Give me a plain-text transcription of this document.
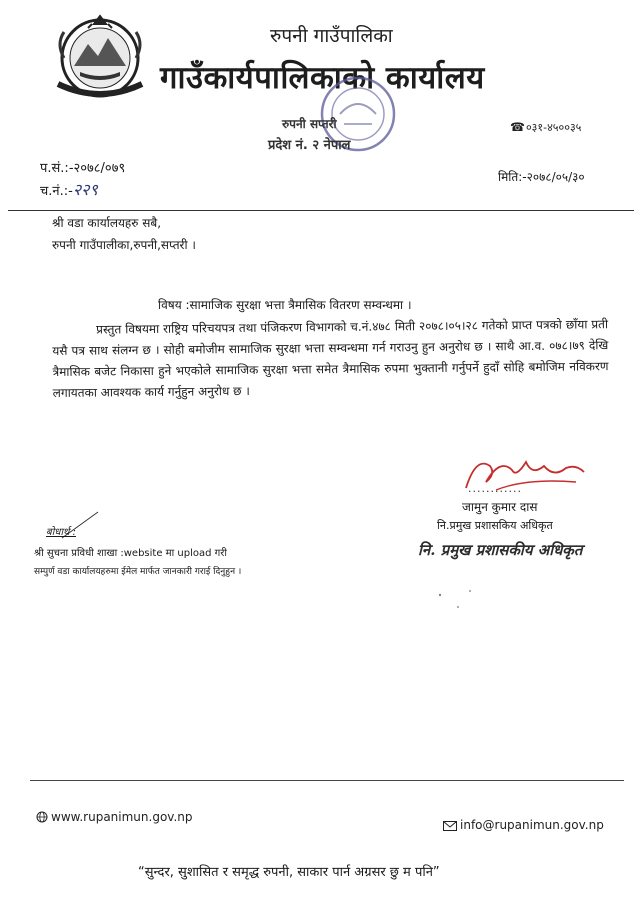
रुपनी गाउँपालिका
गाउँकार्यपालिकाको कार्यालय
रुपनी सप्तरी
प्रदेश नं. २ नेपाल
☎०३१-४५००३५
प.सं.:-२०७८/०७९
च.नं.:-२२९
मिति:-२०७८/०५/३०
श्री वडा कार्यालयहरु सबै,
रुपनी गाउँपालीका,रुपनी,सप्तरी ।
विषय :सामाजिक सुरक्षा भत्ता त्रैमासिक वितरण सम्वन्धमा ।
प्रस्तुत विषयमा राष्ट्रिय परिचयपत्र तथा पंजिकरण विभागको च.नं.४७८ मिती २०७८।०५।२८ गतेको प्राप्त पत्रको छाँया प्रती यसै पत्र साथ संलग्न छ । सोही बमोजीम सामाजिक सुरक्षा भत्ता सम्वन्धमा गर्न गराउनु हुन अनुरोध छ । साथै आ.व. ०७८।७९ देखि त्रैमासिक बजेट निकासा हुने भएकोले सामाजिक सुरक्षा भत्ता समेत त्रैमासिक रुपमा भुक्तानी गर्नुपर्ने हुदाँ सोहि बमोजिम नविकरण लगायतका आवश्यक कार्य गर्नुहुन अनुरोध छ ।
............
जामुन कुमार दास
नि.प्रमुख प्रशासकिय अधिकृत
नि. प्रमुख प्रशासकीय अधिकृत
बोधार्थ :
श्री सुचना प्रविधी शाखा :website मा upload गरी
सम्पुर्ण वडा कार्यालयहरुमा ईमेल मार्फत जानकारी गराई दिनुहुन ।
www.rupanimun.gov.np
info@rupanimun.gov.np
“सुन्दर, सुशासित र समृद्ध रुपनी, साकार पार्न अग्रसर छु म पनि”
